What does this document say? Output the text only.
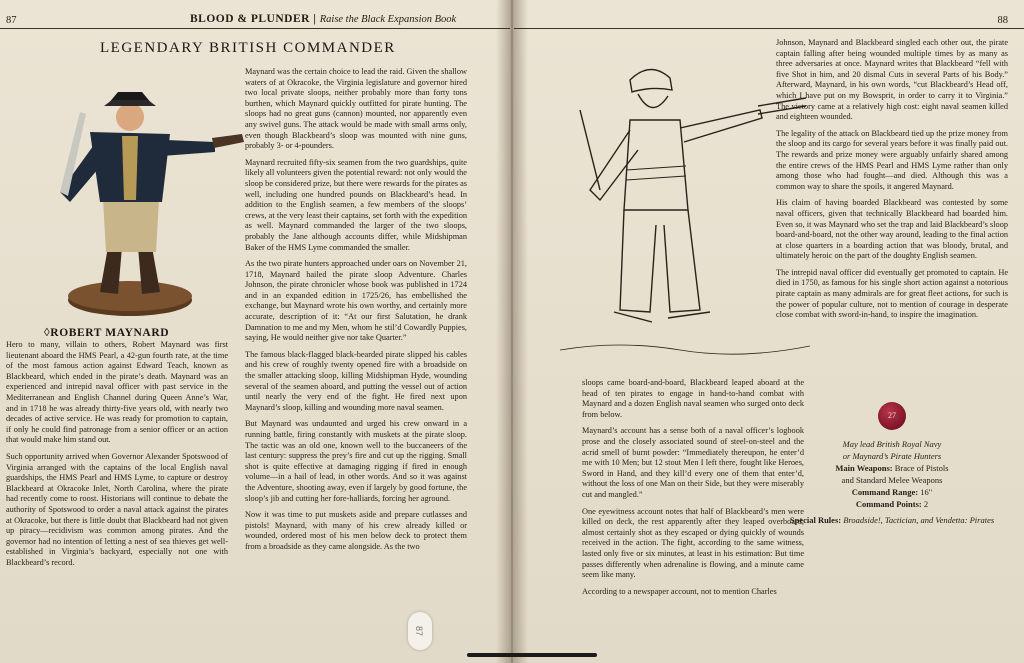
87	BLOOD & PLUNDER | Raise the Black Expansion Book
LEGENDARY BRITISH COMMANDER
◊ROBERT MAYNARD

Hero to many, villain to others, Robert Maynard was first lieutenant aboard the HMS Pearl, a 42-gun fourth rate, at the time of the most famous action against Edward Teach, known as Blackbeard, which ended in the pirate’s death. Maynard was an experienced and intrepid naval officer with past service in the Mediterranean and English Channel during Queen Anne’s War, and in 1718 he was already thirty-five years old, with nearly two decades of active service. He was ready for promotion to captain, if only he could find patronage from a senior officer or an action that would make him stand out.

Such opportunity arrived when Governor Alexander Spotswood of Virginia arranged with the captains of the local English naval guardships, the HMS Pearl and HMS Lyme, to capture or destroy Blackbeard at Okracoke Inlet, North Carolina, where the pirate had recently come to roost. Historians will continue to debate the authority of Spotswood to order a naval attack against the pirates at Okracoke, but there is little doubt that Blackbeard had not given up piracy—recidivism was common among pirates. And the governor had no intention of letting a nest of sea thieves get well-established in Virginia’s backyard, especially not one with Blackbeard’s record.

Maynard was the certain choice to lead the raid. Given the shallow waters of at Okracoke, the Virginia legislature and governor hired two local private sloops, neither probably more than forty tons burthen, which Maynard quickly outfitted for pirate hunting. The sloops had no great guns (cannon) mounted, nor apparently even any swivel guns. The attack would be made with small arms only, even though Blackbeard’s sloop was mounted with nine guns, probably 3- or 4-pounders.

Maynard recruited fifty-six seamen from the two guardships, quite likely all volunteers given the potential reward: not only would the sloop be considered prize, but there were rewards for the pirates as well, including one hundred pounds on Blackbeard’s head. In addition to the English seamen, a few members of the sloops’ crews, at the very least their captains, set forth with the expedition as well. Maynard commanded the larger of the two sloops, probably the Jane although accounts differ, while Midshipman Baker of the HMS Lyme commanded the smaller.

As the two pirate hunters approached under oars on November 21, 1718, Maynard hailed the pirate sloop Adventure. Charles Johnson, the pirate chronicler whose book was published in 1724 and in an expanded edition in 1725/26, has embellished the exchange, but Maynard wrote his own worthy, and certainly more accurate, description of it: “At our first Salutation, he drank Damnation to me and my Men, whom he stil’d Cowardly Puppies, saying, He would neither give nor take Quarter.”

The famous black-flagged black-bearded pirate slipped his cables and his crew of roughly twenty opened fire with a broadside on the smaller attacking sloop, killing Midshipman Hyde, wounding several of the seamen aboard, and putting the vessel out of action until nearly the very end of the fight. He fired next upon Maynard’s sloop, killing and wounding more naval seamen.

But Maynard was undaunted and urged his crew onward in a running battle, firing constantly with muskets at the pirate sloop. The tactic was an old one, known well to the buccaneers of the last century: suppress the prey’s fire and cut up the rigging. Small shot is quite effective at damaging rigging if fired in enough volume—in a hail of lead, in other words. And so it was against the Adventure, shooting away, even if largely by good fortune, the sloop’s jib and cutting her fore-halliards, forcing her aground.

Now it was time to put muskets aside and prepare cutlasses and pistols! Maynard, with many of his crew already killed or wounded, ordered most of his men below deck to protect them from a broadside as they came alongside. As the two

88

Johnson, Maynard and Blackbeard singled each other out, the pirate captain falling after being wounded multiple times by as many as three adversaries at once. Maynard writes that Blackbeard “fell with five Shot in him, and 20 dismal Cuts in several Parts of his Body.” Afterward, Maynard, in his own words, “cut Blackbeard’s Head off, which I have put on my Bowsprit, in order to carry it to Virginia.” The victory came at a relatively high cost: eight naval seamen killed and eighteen wounded.

The legality of the attack on Blackbeard tied up the prize money from the sloop and its cargo for several years before it was finally paid out. The rewards and prize money were arguably unfairly shared among the entire crews of the HMS Pearl and HMS Lyme rather than only among those who had fought—and died. Although this was a common way to share the spoils, it angered Maynard.

His claim of having boarded Blackbeard was contested by some naval officers, given that technically Blackbeard had boarded him. Even so, it was Maynard who set the trap and laid Blackbeard’s sloop board-and-board, not the other way around, leading to the final action at close quarters in a boarding action that was bloody, brutal, and ultimately heroic on the part of the doughty English seamen.

The intrepid naval officer did eventually get promoted to captain. He died in 1750, as famous for his single short action against a notorious pirate captain as many admirals are for great fleet actions, for such is the power of popular culture, not to mention of courage in desperate close combat with sword-in-hand, to inspire the imagination.

sloops came board-and-board, Blackbeard leaped aboard at the head of ten pirates to engage in hand-to-hand combat with Maynard and a dozen English naval seamen who surged onto deck from below.

Maynard’s account has a sense both of a naval officer’s logbook prose and the closely associated sound of steel-on-steel and the acrid smell of burnt powder: “Immediately thereupon, he enter’d me with 10 Men; but 12 stout Men I left there, fought like Heroes, Sword in Hand, and they kill’d every one of them that enter’d, without the loss of one Man on their Side, but they were miserably cut and mangled.”

One eyewitness account notes that half of Blackbeard’s men were killed on deck, the rest apparently after they leaped overboard, almost certainly shot as they escaped or dying quickly of wounds received in the action. The fight, according to the same witness, lasted only five or six minutes, at least in his estimation: But time passes differently when adrenaline is flowing, and a minute came seem like many.

According to a newspaper account, not to mention Charles

27
May lead British Royal Navy
or Maynard’s Pirate Hunters
Main Weapons: Brace of Pistols
and Standard Melee Weapons
Command Range: 16"
Command Points: 2
Special Rules: Broadside!, Tactician, and Vendetta: Pirates
87
